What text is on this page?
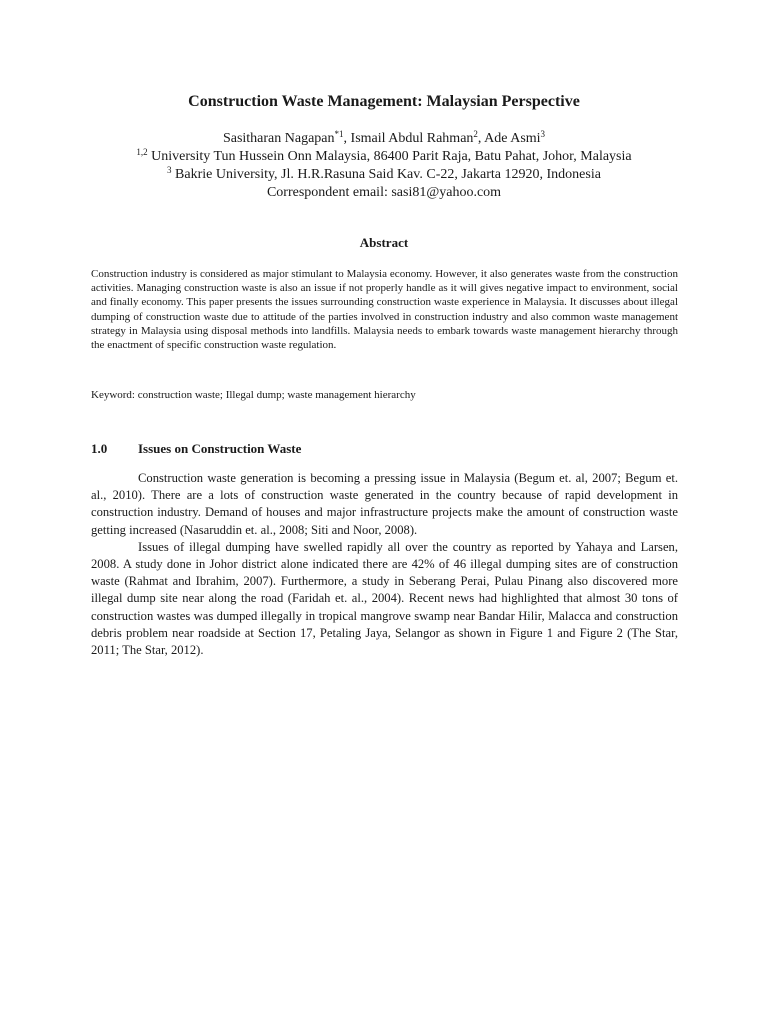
Construction Waste Management: Malaysian Perspective
Sasitharan Nagapan$^{*1}$, Ismail Abdul Rahman$^2$, Ade Asmi$^3$
$^{1,2}$ University Tun Hussein Onn Malaysia, 86400 Parit Raja, Batu Pahat, Johor, Malaysia
$^3$ Bakrie University, Jl. H.R.Rasuna Said Kav. C-22, Jakarta 12920, Indonesia
Correspondent email: sasi81@yahoo.com
Abstract

Construction industry is considered as major stimulant to Malaysia economy. However, it also generates waste from the construction activities. Managing construction waste is also an issue if not properly handle as it will gives negative impact to environment, social and finally economy. This paper presents the issues surrounding construction waste experience in Malaysia. It discusses about illegal dumping of construction waste due to attitude of the parties involved in construction industry and also common waste management strategy in Malaysia using disposal methods into landfills. Malaysia needs to embark towards waste management hierarchy through the enactment of specific construction waste regulation.

Keyword: construction waste; Illegal dump; waste management hierarchy

1.0 Issues on Construction Waste

Construction waste generation is becoming a pressing issue in Malaysia (Begum et. al, 2007; Begum et. al., 2010). There are a lots of construction waste generated in the country because of rapid development in construction industry. Demand of houses and major infrastructure projects make the amount of construction waste getting increased (Nasaruddin et. al., 2008; Siti and Noor, 2008).

Issues of illegal dumping have swelled rapidly all over the country as reported by Yahaya and Larsen, 2008. A study done in Johor district alone indicated there are 42% of 46 illegal dumping sites are of construction waste (Rahmat and Ibrahim, 2007). Furthermore, a study in Seberang Perai, Pulau Pinang also discovered more illegal dump site near along the road (Faridah et. al., 2004). Recent news had highlighted that almost 30 tons of construction wastes was dumped illegally in tropical mangrove swamp near Bandar Hilir, Malacca and construction debris problem near roadside at Section 17, Petaling Jaya, Selangor as shown in Figure 1 and Figure 2 (The Star, 2011; The Star, 2012).
